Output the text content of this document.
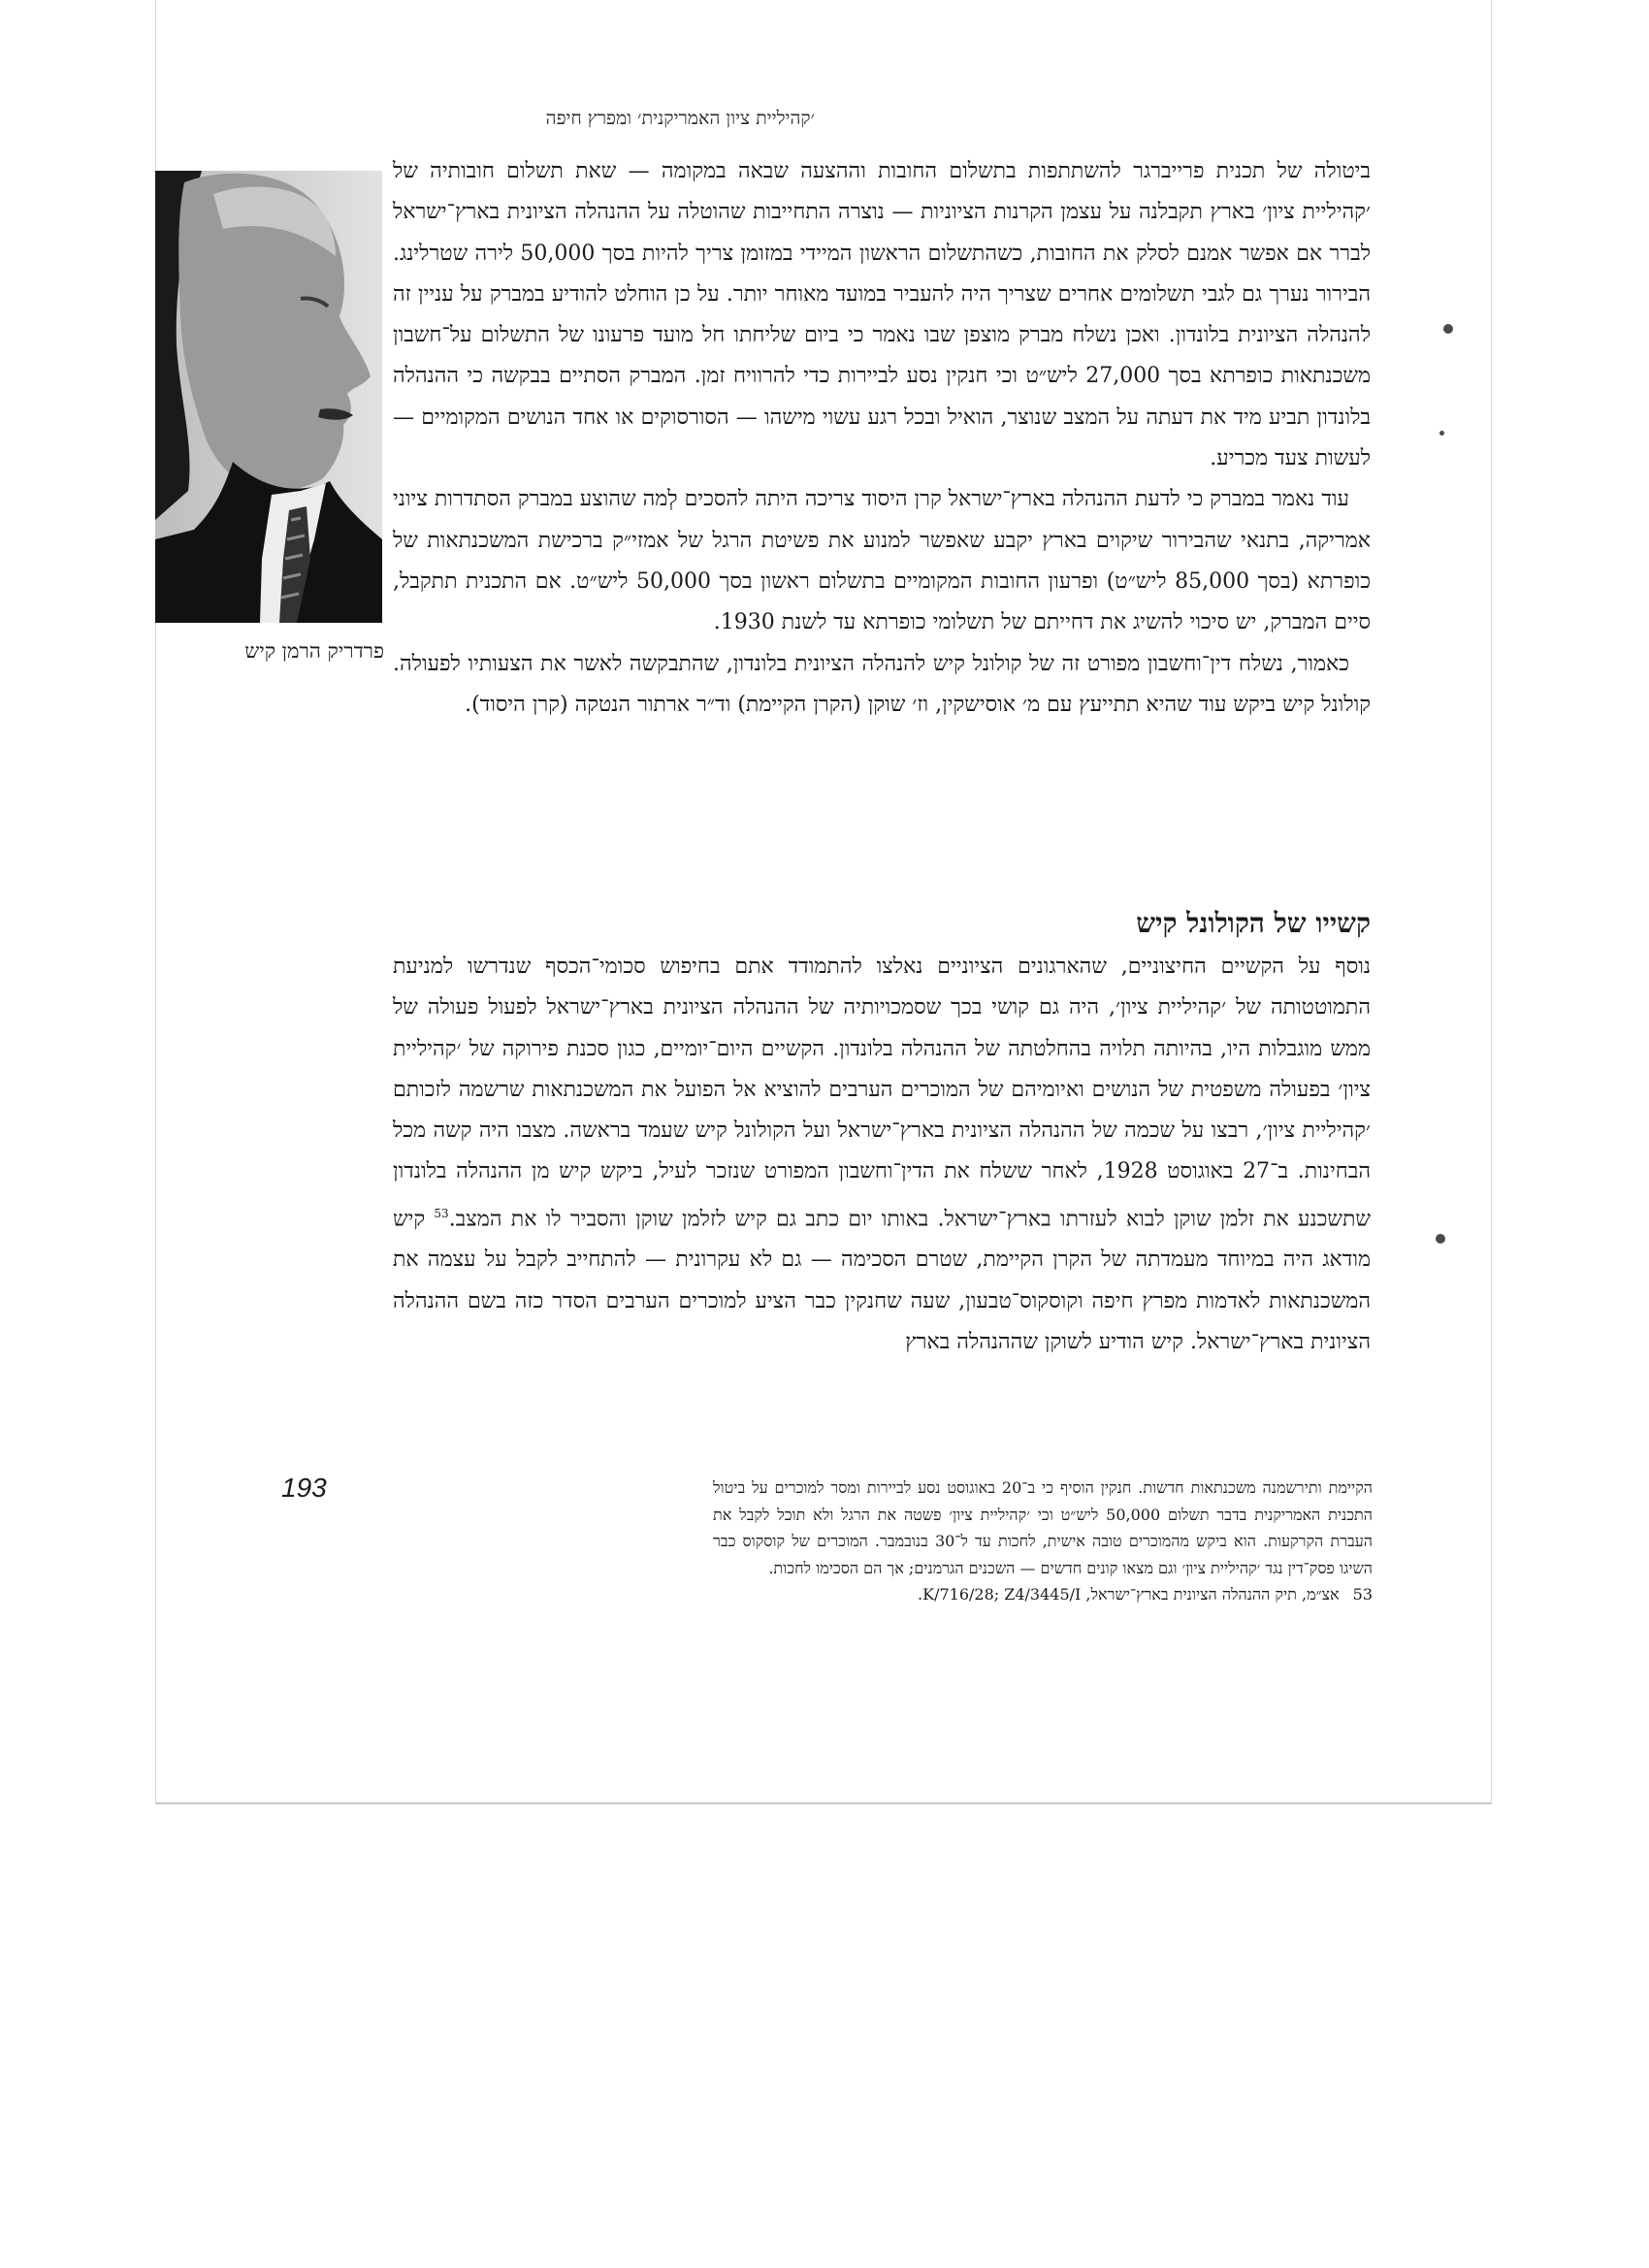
׳קהיליית ציון האמריקנית׳ ומפרץ חיפה
פרדריק הרמן קיש

ביטולה של תכנית פרייברגר להשתתפות בתשלום החובות וההצעה שבאה במקומה — שאת תשלום חובותיה של ׳קהיליית ציון׳ בארץ תקבלנה על עצמן הקרנות הציוניות — נוצרה התחייבות שהוטלה על ההנהלה הציונית בארץ־ישראל לברר אם אפשר אמנם לסלק את החובות, כשהתשלום הראשון המיידי במזומן צריך להיות בסך 50,000 לירה שטרלינג. הבירור נערך גם לגבי תשלומים אחרים שצריך היה להעביר במועד מאוחר יותר. על כן הוחלט להודיע במברק על עניין זה להנהלה הציונית בלונדון. ואכן נשלח מברק מוצפן שבו נאמר כי ביום שליחתו חל מועד פרעונו של התשלום על־חשבון משכנתאות כופרתא בסך 27,000 ליש״ט וכי חנקין נסע לביירות כדי להרוויח זמן. המברק הסתיים בבקשה כי ההנהלה בלונדון תביע מיד את דעתה על המצב שנוצר, הואיל ובכל רגע עשוי מישהו — הסורסוקים או אחד הנושים המקומיים — לעשות צעד מכריע.

עוד נאמר במברק כי לדעת ההנהלה בארץ־ישראל קרן היסוד צריכה היתה להסכים לְמה שהוצע במברק הסתדרות ציוני אמריקה, בתנאי שהבירור שיקוים בארץ יקבע שאפשר למנוע את פשיטת הרגל של אמזי״ק ברכישת המשכנתאות של כופרתא (בסך 85,000 ליש״ט) ופרעון החובות המקומיים בתשלום ראשון בסך 50,000 ליש״ט. אם התכנית תתקבל, סיים המברק, יש סיכוי להשיג את דחייתם של תשלומי כופרתא עד לשנת 1930.

כאמור, נשלח דין־וחשבון מפורט זה של קולונל קיש להנהלה הציונית בלונדון, שהתבקשה לאשר את הצעותיו לפעולה. קולונל קיש ביקש עוד שהיא תתייעץ עם מ׳ אוסישקין, וז׳ שוקן (הקרן הקיימת) וד״ר ארתור הנטקה (קרן היסוד).

קשייו של הקולונל קיש

נוסף על הקשיים החיצוניים, שהארגונים הציוניים נאלצו להתמודד אתם בחיפוש סכומי־הכסף שנדרשו למניעת התמוטטותה של ׳קהיליית ציון׳, היה גם קושי בכך שסמכויותיה של ההנהלה הציונית בארץ־ישראל לפעול פעולה של ממש מוגבלות היו, בהיותה תלויה בהחלטתה של ההנהלה בלונדון. הקשיים היום־יומיים, כגון סכנת פירוקה של ׳קהיליית ציון׳ בפעולה משפטית של הנושים ואיומיהם של המוכרים הערבים להוציא אל הפועל את המשכנתאות שרשמה לזכותם ׳קהיליית ציון׳, רבצו על שכמה של ההנהלה הציונית בארץ־ישראל ועל הקולונל קיש שעמד בראשה. מצבו היה קשה מכל הבחינות. ב־27 באוגוסט 1928, לאחר ששלח את הדין־וחשבון המפורט שנזכר לעיל, ביקש קיש מן ההנהלה בלונדון שתשכנע את זלמן שוקן לבוא לעזרתו בארץ־ישראל. באותו יום כתב גם קיש לזלמן שוקן והסביר לו את המצב.$^{53}$ קיש מודאג היה במיוחד מעמדתה של הקרן הקיימת, שטרם הסכימה — גם לא עקרונית — להתחייב לקבל על עצמה את המשכנתאות לאדמות מפרץ חיפה וקוסקוס־טבעון, שעה שחנקין כבר הציע למוכרים הערבים הסדר כזה בשם ההנהלה הציונית בארץ־ישראל. קיש הודיע לשוקן שההנהלה בארץ

193	הקיימת ותירשמנה משכנתאות חדשות. חנקין הוסיף כי ב־20 באוגוסט נסע לביירות ומסר למוכרים על ביטול התכנית האמריקנית בדבר תשלום 50,000 ליש״ט וכי ׳קהיליית ציון׳ פשטה את הרגל ולא תוכל לקבל את העברת הקרקעות. הוא ביקש מהמוכרים טובה אישית, לחכות עד ל־30 בנובמבר. המוכרים של קוסקוס כבר השיגו פסק־דין נגד ׳קהיליית ציון׳ וגם מצאו קונים חדשים — השכנים הגרמנים; אך הם הסכימו לחכות.

53אצ״מ, תיק ההנהלה הציונית בארץ־ישראל, K/716/28; Z4/3445/I.
